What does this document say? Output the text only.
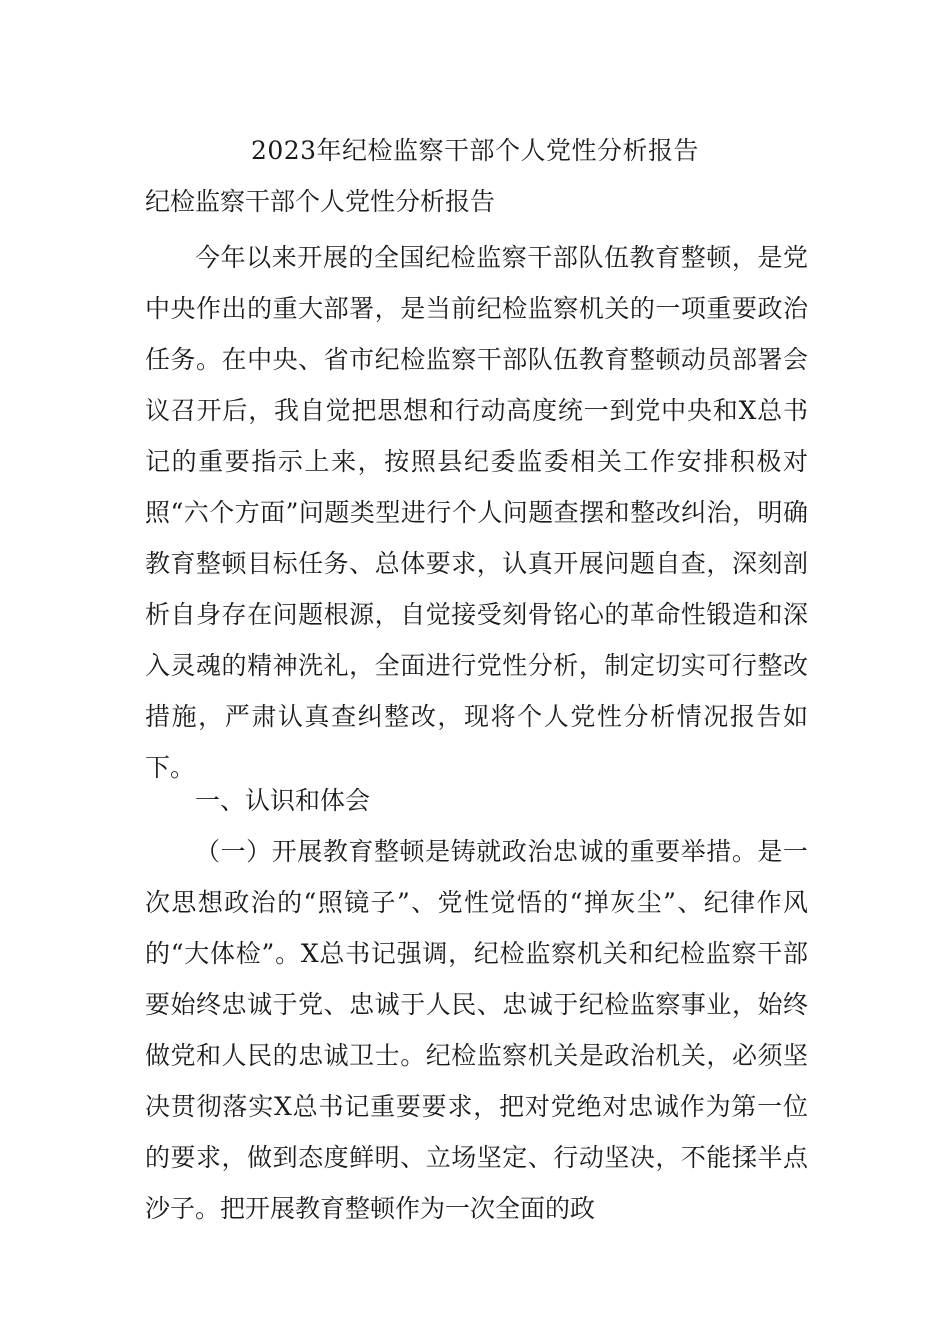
2023年纪检监察干部个人党性分析报告
纪检监察干部个人党性分析报告

今年以来开展的全国纪检监察干部队伍教育整顿，是党中央作出的重大部署，是当前纪检监察机关的一项重要政治任务。在中央、省市纪检监察干部队伍教育整顿动员部署会议召开后，我自觉把思想和行动高度统一到党中央和X总书记的重要指示上来，按照县纪委监委相关工作安排积极对照“六个方面”问题类型进行个人问题查摆和整改纠治，明确教育整顿目标任务、总体要求，认真开展问题自查，深刻剖析自身存在问题根源，自觉接受刻骨铭心的革命性锻造和深入灵魂的精神洗礼，全面进行党性分析，制定切实可行整改措施，严肃认真查纠整改，现将个人党性分析情况报告如下。

一、认识和体会

（一）开展教育整顿是铸就政治忠诚的重要举措。是一次思想政治的“照镜子”、党性觉悟的“掸灰尘”、纪律作风的“大体检”。X总书记强调，纪检监察机关和纪检监察干部要始终忠诚于党、忠诚于人民、忠诚于纪检监察事业，始终做党和人民的忠诚卫士。纪检监察机关是政治机关，必须坚决贯彻落实X总书记重要要求，把对党绝对忠诚作为第一位的要求，做到态度鲜明、立场坚定、行动坚决，不能揉半点沙子。把开展教育整顿作为一次全面的政
